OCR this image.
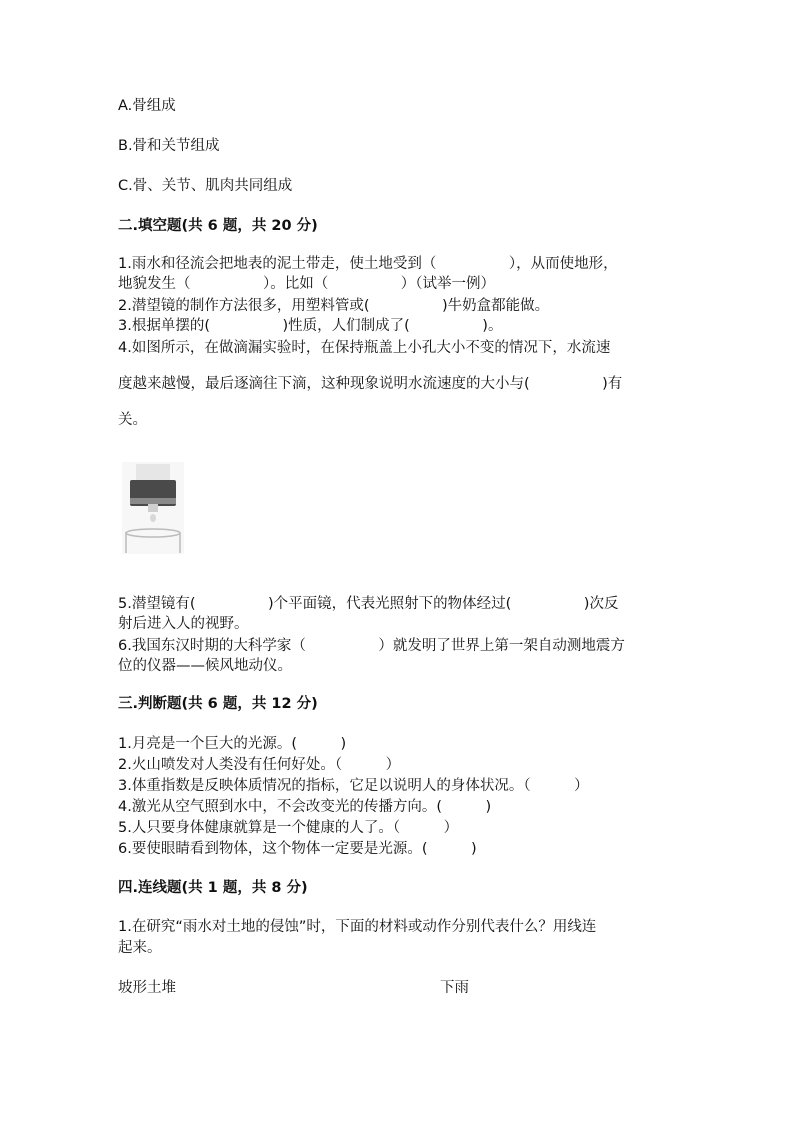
A.骨组成
B.骨和关节组成
C.骨、关节、肌肉共同组成
二.填空题(共 6 题，共 20 分)
1.雨水和径流会把地表的泥土带走，使土地受到（　　　　　），从而使地形，
地貌发生（　　　　　）。比如（　　　　　）（试举一例）
2.潜望镜的制作方法很多，用塑料管或(　　　　　)牛奶盒都能做。
3.根据单摆的(　　　　　)性质，人们制成了(　　　　　)。
4.如图所示，在做滴漏实验时，在保持瓶盖上小孔大小不变的情况下，水流速
度越来越慢，最后逐滴往下滴，这种现象说明水流速度的大小与(　　　　　)有
关。
5.潜望镜有(　　　　　)个平面镜，代表光照射下的物体经过(　　　　　)次反
射后进入人的视野。
6.我国东汉时期的大科学家（　　　　　）就发明了世界上第一架自动测地震方
位的仪器——候风地动仪。
三.判断题(共 6 题，共 12 分)
1.月亮是一个巨大的光源。(　　　)
2.火山喷发对人类没有任何好处。（　　　）
3.体重指数是反映体质情况的指标，它足以说明人的身体状况。（　　　）
4.激光从空气照到水中，不会改变光的传播方向。(　　　)
5.人只要身体健康就算是一个健康的人了。（　　　）
6.要使眼睛看到物体，这个物体一定要是光源。(　　　)
四.连线题(共 1 题，共 8 分)
1.在研究“雨水对土地的侵蚀”时，下面的材料或动作分别代表什么？用线连
起来。
坡形土堆	下雨
